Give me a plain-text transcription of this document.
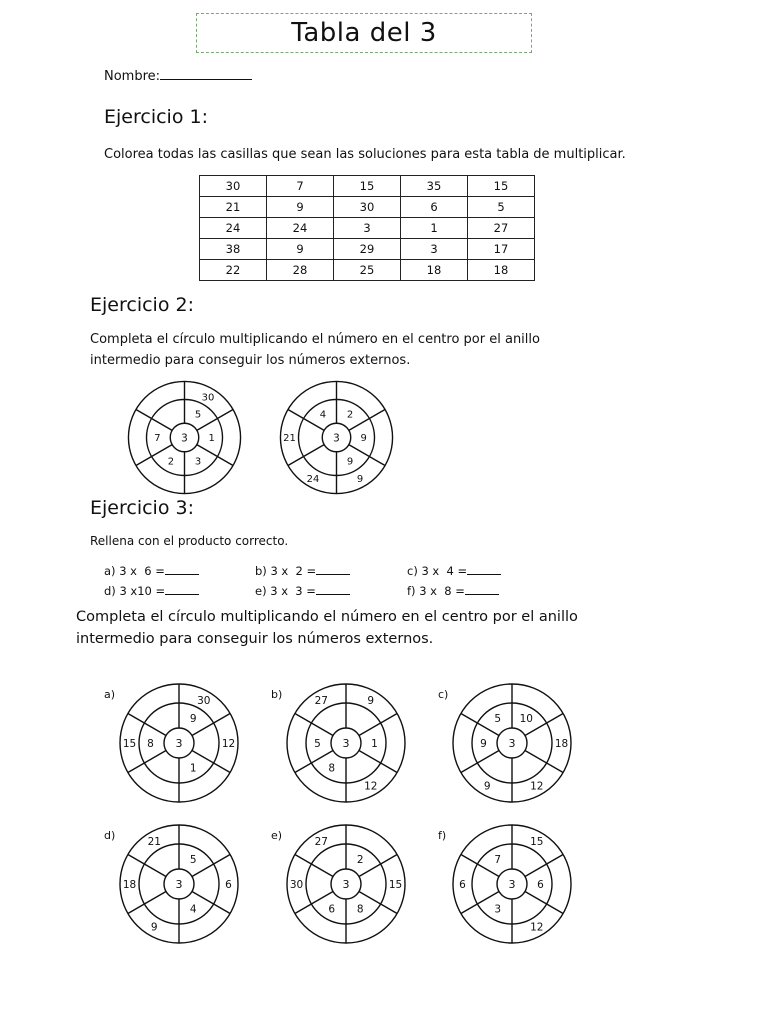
Tabla del 3
Nombre:
Ejercicio 1:
Colorea todas las casillas que sean las soluciones para esta tabla de multiplicar.
30	7	15	35	15
21	9	30	6	5
24	24	3	1	27
38	9	29	3	17
22	28	25	18	18
Ejercicio 2:
Completa el círculo multiplicando el número en el centro por el anillo
intermedio para conseguir los números externos.
3
5
1
3
2
7
30
3
2
9
9
4
9
24
21
Ejercicio 3:
Rellena con el producto correcto.
a) 3 x  6 =	b) 3 x  2 =	c) 3 x  4 =
d) 3 x10 =	e) 3 x  3 =	f) 3 x  8 =
Completa el círculo multiplicando el número en el centro por el anillo
intermedio para conseguir los números externos.
3
9
1
8
30
12
15
a)
3 1
8
5
9
12
27
b)
3
10
9
5
18
12
9
c)
3
5
4
6
9
18
21
d)
3
2
8
6
15
30
27
e)
3 6
3
7
15
12
6
f)
